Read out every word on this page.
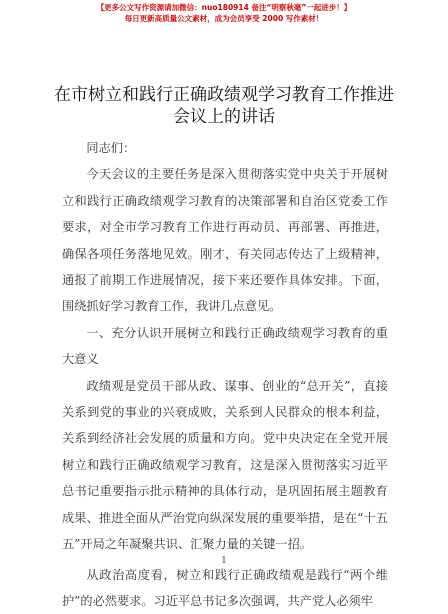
【更多公文写作资源请加微信：nuo180914 备注“明察秋毫”一起进步！】
每日更新高质量公文素材，成为会员享受 2000 写作素材！
在市树立和践行正确政绩观学习教育工作推进
会议上的讲话

同志们：

今天会议的主要任务是深入贯彻落实党中央关于开展树立和践行正确政绩观学习教育的决策部署和自治区党委工作要求，对全市学习教育工作进行再动员、再部署、再推进，确保各项任务落地见效。刚才，有关同志传达了上级精神，通报了前期工作进展情况，接下来还要作具体安排。下面，围绕抓好学习教育工作，我讲几点意见。

一、充分认识开展树立和践行正确政绩观学习教育的重大意义

政绩观是党员干部从政、谋事、创业的“总开关”，直接关系到党的事业的兴衰成败，关系到人民群众的根本利益，关系到经济社会发展的质量和方向。党中央决定在全党开展树立和践行正确政绩观学习教育，这是深入贯彻落实习近平总书记重要指示批示精神的具体行动，是巩固拓展主题教育成果、推进全面从严治党向纵深发展的重要举措，是在“十五五”开局之年凝聚共识、汇聚力量的关键一招。

从政治高度看，树立和践行正确政绩观是践行“两个维护”的必然要求。习近平总书记多次强调，共产党人必须牢

1
